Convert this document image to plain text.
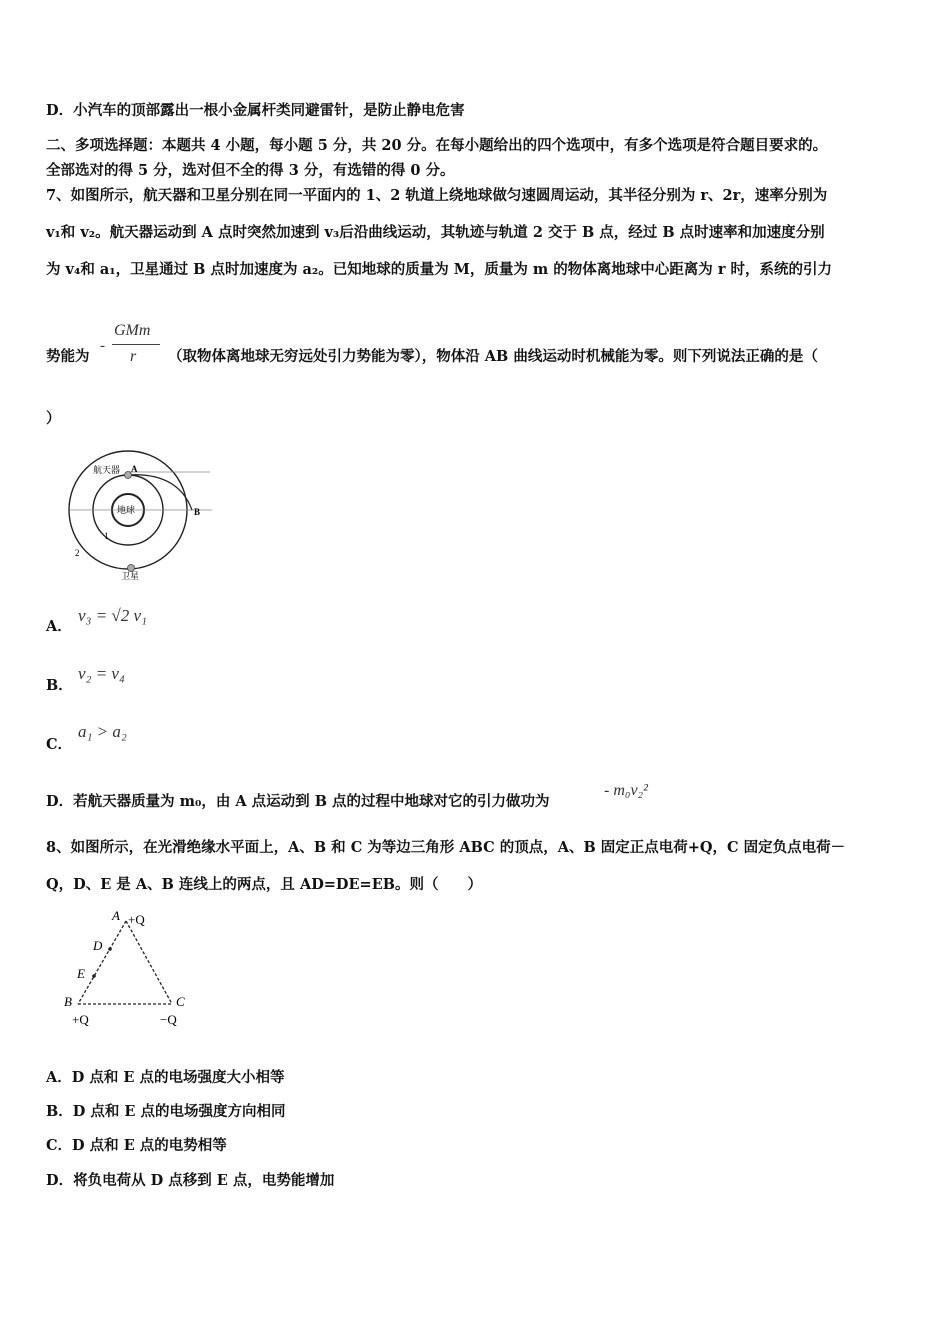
D．小汽车的顶部露出一根小金属杆类同避雷针，是防止静电危害
二、多项选择题：本题共 4 小题，每小题 5 分，共 20 分。在每小题给出的四个选项中，有多个选项是符合题目要求的。
全部选对的得 5 分，选对但不全的得 3 分，有选错的得 0 分。
7、如图所示，航天器和卫星分别在同一平面内的 1、2 轨道上绕地球做匀速圆周运动，其半径分别为 r、2r，速率分别为
v₁和 v₂。航天器运动到 A 点时突然加速到 v₃后沿曲线运动，其轨迹与轨道 2 交于 B 点，经过 B 点时速率和加速度分别
为 v₄和 a₁，卫星通过 B 点时加速度为 a₂。已知地球的质量为 M，质量为 m 的物体离地球中心距离为 r 时，系统的引力
势能为
-
GMm
r （取物体离地球无穷远处引力势能为零），物体沿 AB 曲线运动时机械能为零。则下列说法正确的是（
）
航天器 A
地球	B
1
2
卫星
A．
v₃ = √2 v₁
B．
v₂ = v₄
C．
a₁ > a₂
D．若航天器质量为 m₀，由 A 点运动到 B 点的过程中地球对它的引力做功为
- m₀v₂²
8、如图所示，在光滑绝缘水平面上，A、B 和 C 为等边三角形 ABC 的顶点，A、B 固定正点电荷+Q，C 固定负点电荷－
Q，D、E 是 A、B 连线上的两点，且 AD=DE=EB。则（　　）
A +Q
D
E
B	C
+Q	−Q
A．D 点和 E 点的电场强度大小相等
B．D 点和 E 点的电场强度方向相同
C．D 点和 E 点的电势相等
D．将负电荷从 D 点移到 E 点，电势能增加
